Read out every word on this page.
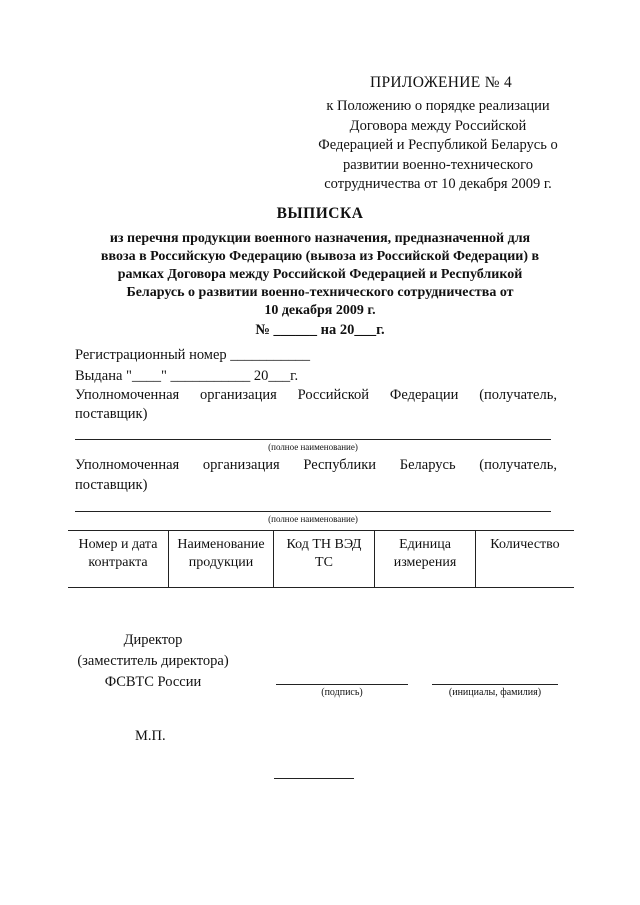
ПРИЛОЖЕНИЕ № 4
к Положению о порядке реализации
Договора между Российской
Федерацией и Республикой Беларусь о
развитии военно-технического
сотрудничества от 10 декабря 2009 г.
ВЫПИСКА
из перечня продукции военного назначения, предназначенной для
ввоза в Российскую Федерацию (вывоза из Российской Федерации) в
рамках Договора между Российской Федерацией и Республикой
Беларусь о развитии военно-технического сотрудничества от
10 декабря 2009 г.
№ ______ на 20___г.
Регистрационный номер ___________
Выдана "____" ___________ 20___г.
Уполномоченная организация Российской Федерации (получатель,
поставщик)
(полное наименование)
Уполномоченная организация Республики Беларусь (получатель,
поставщик)
(полное наименование)
Номер и дата контракта	Наименование продукции	Код ТН ВЭД ТС	Единица измерения	Количество
Директор
(заместитель директора)
ФСВТС России
(подпись)	(инициалы, фамилия)
М.П.
